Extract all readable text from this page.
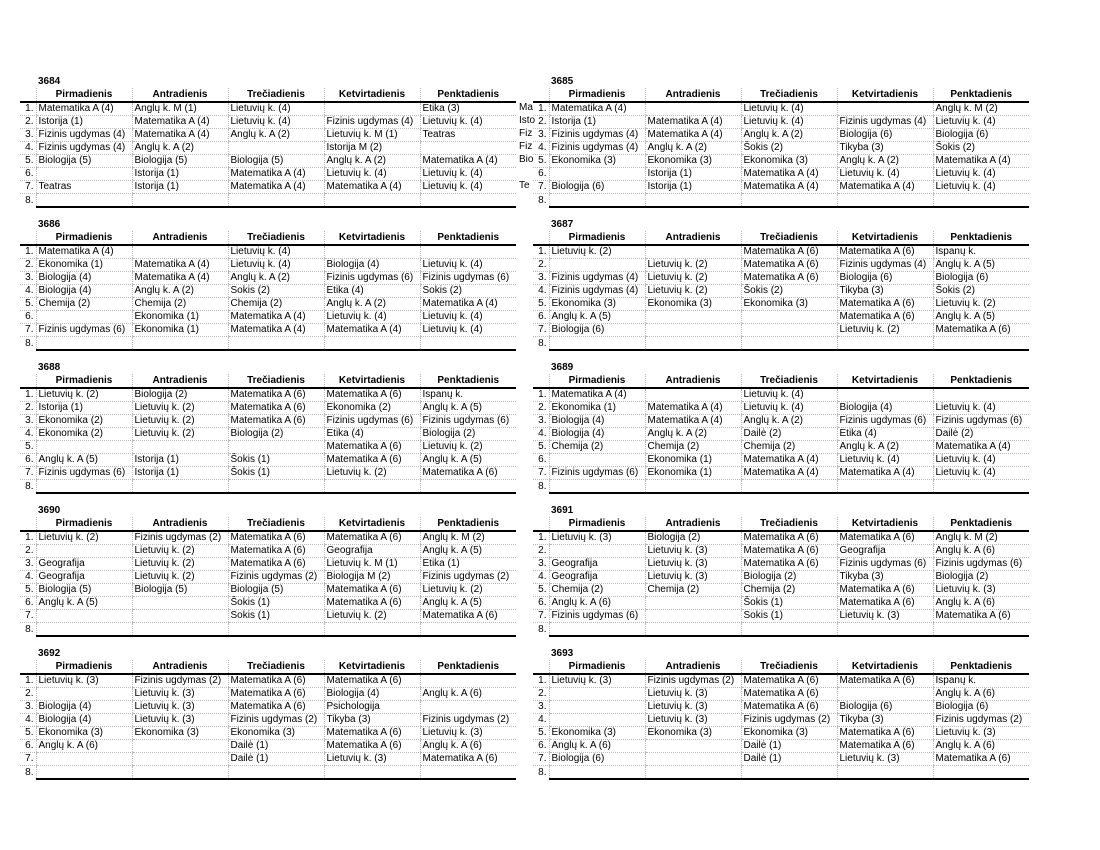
3684
	Pirmadienis	Antradienis	Trečiadienis	Ketvirtadienis	Penktadienis
1.	Matematika A (4)	Anglų k. M (1)	Lietuvių k. (4)		Etika (3)
2.	Istorija (1)	Matematika A (4)	Lietuvių k. (4)	Fizinis ugdymas (4)	Lietuvių k. (4)
3.	Fizinis ugdymas (4)	Matematika A (4)	Anglų k. A (2)	Lietuvių k. M (1)	Teatras
4.	Fizinis ugdymas (4)	Anglų k. A (2)		Istorija M (2)	
5.	Biologija (5)	Biologija (5)	Biologija (5)	Anglų k. A (2)	Matematika A (4)
6.		Istorija (1)	Matematika A (4)	Lietuvių k. (4)	Lietuvių k. (4)
7.	Teatras	Istorija (1)	Matematika A (4)	Matematika A (4)	Lietuvių k. (4)
8.					
3685
	Pirmadienis	Antradienis	Trečiadienis	Ketvirtadienis	Penktadienis
1.	Matematika A (4)		Lietuvių k. (4)		Anglų k. M (2)
2.	Istorija (1)	Matematika A (4)	Lietuvių k. (4)	Fizinis ugdymas (4)	Lietuvių k. (4)
3.	Fizinis ugdymas (4)	Matematika A (4)	Anglų k. A (2)	Biologija (6)	Biologija (6)
4.	Fizinis ugdymas (4)	Anglų k. A (2)	Šokis (2)	Tikyba (3)	Šokis (2)
5.	Ekonomika (3)	Ekonomika (3)	Ekonomika (3)	Anglų k. A (2)	Matematika A (4)
6.		Istorija (1)	Matematika A (4)	Lietuvių k. (4)	Lietuvių k. (4)
7.	Biologija (6)	Istorija (1)	Matematika A (4)	Matematika A (4)	Lietuvių k. (4)
8.					
3686
	Pirmadienis	Antradienis	Trečiadienis	Ketvirtadienis	Penktadienis
1.	Matematika A (4)		Lietuvių k. (4)		
2.	Ekonomika (1)	Matematika A (4)	Lietuvių k. (4)	Biologija (4)	Lietuvių k. (4)
3.	Biologija (4)	Matematika A (4)	Anglų k. A (2)	Fizinis ugdymas (6)	Fizinis ugdymas (6)
4.	Biologija (4)	Anglų k. A (2)	Sokis (2)	Etika (4)	Sokis (2)
5.	Chemija (2)	Chemija (2)	Chemija (2)	Anglų k. A (2)	Matematika A (4)
6.		Ekonomika (1)	Matematika A (4)	Lietuvių k. (4)	Lietuvių k. (4)
7.	Fizinis ugdymas (6)	Ekonomika (1)	Matematika A (4)	Matematika A (4)	Lietuvių k. (4)
8.					
3687
	Pirmadienis	Antradienis	Trečiadienis	Ketvirtadienis	Penktadienis
1.	Lietuvių k. (2)		Matematika A (6)	Matematika A (6)	Ispanų k.
2.		Lietuvių k. (2)	Matematika A (6)	Fizinis ugdymas (4)	Anglų k. A (5)
3.	Fizinis ugdymas (4)	Lietuvių k. (2)	Matematika A (6)	Biologija (6)	Biologija (6)
4.	Fizinis ugdymas (4)	Lietuvių k. (2)	Šokis (2)	Tikyba (3)	Šokis (2)
5.	Ekonomika (3)	Ekonomika (3)	Ekonomika (3)	Matematika A (6)	Lietuvių k. (2)
6.	Anglų k. A (5)			Matematika A (6)	Anglų k. A (5)
7.	Biologija (6)			Lietuvių k. (2)	Matematika A (6)
8.					
3688
	Pirmadienis	Antradienis	Trečiadienis	Ketvirtadienis	Penktadienis
1.	Lietuvių k. (2)	Biologija (2)	Matematika A (6)	Matematika A (6)	Ispanų k.
2.	Istorija (1)	Lietuvių k. (2)	Matematika A (6)	Ekonomika (2)	Anglų k. A (5)
3.	Ekonomika (2)	Lietuvių k. (2)	Matematika A (6)	Fizinis ugdymas (6)	Fizinis ugdymas (6)
4.	Ekonomika (2)	Lietuvių k. (2)	Biologija (2)	Etika (4)	Biologija (2)
5.				Matematika A (6)	Lietuvių k. (2)
6.	Anglų k. A (5)	Istorija (1)	Šokis (1)	Matematika A (6)	Anglų k. A (5)
7.	Fizinis ugdymas (6)	Istorija (1)	Šokis (1)	Lietuvių k. (2)	Matematika A (6)
8.					
3689
	Pirmadienis	Antradienis	Trečiadienis	Ketvirtadienis	Penktadienis
1.	Matematika A (4)		Lietuvių k. (4)		
2.	Ekonomika (1)	Matematika A (4)	Lietuvių k. (4)	Biologija (4)	Lietuvių k. (4)
3.	Biologija (4)	Matematika A (4)	Anglų k. A (2)	Fizinis ugdymas (6)	Fizinis ugdymas (6)
4.	Biologija (4)	Anglų k. A (2)	Dailė (2)	Etika (4)	Dailė (2)
5.	Chemija (2)	Chemija (2)	Chemija (2)	Anglų k. A (2)	Matematika A (4)
6.		Ekonomika (1)	Matematika A (4)	Lietuvių k. (4)	Lietuvių k. (4)
7.	Fizinis ugdymas (6)	Ekonomika (1)	Matematika A (4)	Matematika A (4)	Lietuvių k. (4)
8.					
3690
	Pirmadienis	Antradienis	Trečiadienis	Ketvirtadienis	Penktadienis
1.	Lietuvių k. (2)	Fizinis ugdymas (2)	Matematika A (6)	Matematika A (6)	Anglų k. M (2)
2.		Lietuvių k. (2)	Matematika A (6)	Geografija	Anglų k. A (5)
3.	Geografija	Lietuvių k. (2)	Matematika A (6)	Lietuvių k. M (1)	Etika (1)
4.	Geografija	Lietuvių k. (2)	Fizinis ugdymas (2)	Biologija M (2)	Fizinis ugdymas (2)
5.	Biologija (5)	Biologija (5)	Biologija (5)	Matematika A (6)	Lietuvių k. (2)
6.	Anglų k. A (5)		Šokis (1)	Matematika A (6)	Anglų k. A (5)
7.			Sokis (1)	Lietuvių k. (2)	Matematika A (6)
8.					
3691
	Pirmadienis	Antradienis	Trečiadienis	Ketvirtadienis	Penktadienis
1.	Lietuvių k. (3)	Biologija (2)	Matematika A (6)	Matematika A (6)	Anglų k. M (2)
2.		Lietuvių k. (3)	Matematika A (6)	Geografija	Anglų k. A (6)
3.	Geografija	Lietuvių k. (3)	Matematika A (6)	Fizinis ugdymas (6)	Fizinis ugdymas (6)
4.	Geografija	Lietuvių k. (3)	Biologija (2)	Tikyba (3)	Biologija (2)
5.	Chemija (2)	Chemija (2)	Chemija (2)	Matematika A (6)	Lietuvių k. (3)
6.	Anglų k. A (6)		Šokis (1)	Matematika A (6)	Anglų k. A (6)
7.	Fizinis ugdymas (6)		Sokis (1)	Lietuvių k. (3)	Matematika A (6)
8.					
3692
	Pirmadienis	Antradienis	Trečiadienis	Ketvirtadienis	Penktadienis
1.	Lietuvių k. (3)	Fizinis ugdymas (2)	Matematika A (6)	Matematika A (6)	
2.		Lietuvių k. (3)	Matematika A (6)	Biologija (4)	Anglų k. A (6)
3.	Biologija (4)	Lietuvių k. (3)	Matematika A (6)	Psichologija	
4.	Biologija (4)	Lietuvių k. (3)	Fizinis ugdymas (2)	Tikyba (3)	Fizinis ugdymas (2)
5.	Ekonomika (3)	Ekonomika (3)	Ekonomika (3)	Matematika A (6)	Lietuvių k. (3)
6.	Anglų k. A (6)		Dailė (1)	Matematika A (6)	Anglų k. A (6)
7.			Dailė (1)	Lietuvių k. (3)	Matematika A (6)
8.					
3693
	Pirmadienis	Antradienis	Trečiadienis	Ketvirtadienis	Penktadienis
1.	Lietuvių k. (3)	Fizinis ugdymas (2)	Matematika A (6)	Matematika A (6)	Ispanų k.
2.		Lietuvių k. (3)	Matematika A (6)		Anglų k. A (6)
3.		Lietuvių k. (3)	Matematika A (6)	Biologija (6)	Biologija (6)
4.		Lietuvių k. (3)	Fizinis ugdymas (2)	Tikyba (3)	Fizinis ugdymas (2)
5.	Ekonomika (3)	Ekonomika (3)	Ekonomika (3)	Matematika A (6)	Lietuvių k. (3)
6.	Anglų k. A (6)		Dailė (1)	Matematika A (6)	Anglų k. A (6)
7.	Biologija (6)		Dailė (1)	Lietuvių k. (3)	Matematika A (6)
8.					
Ma
Isto
Fiz
Fiz
Bio
Te
